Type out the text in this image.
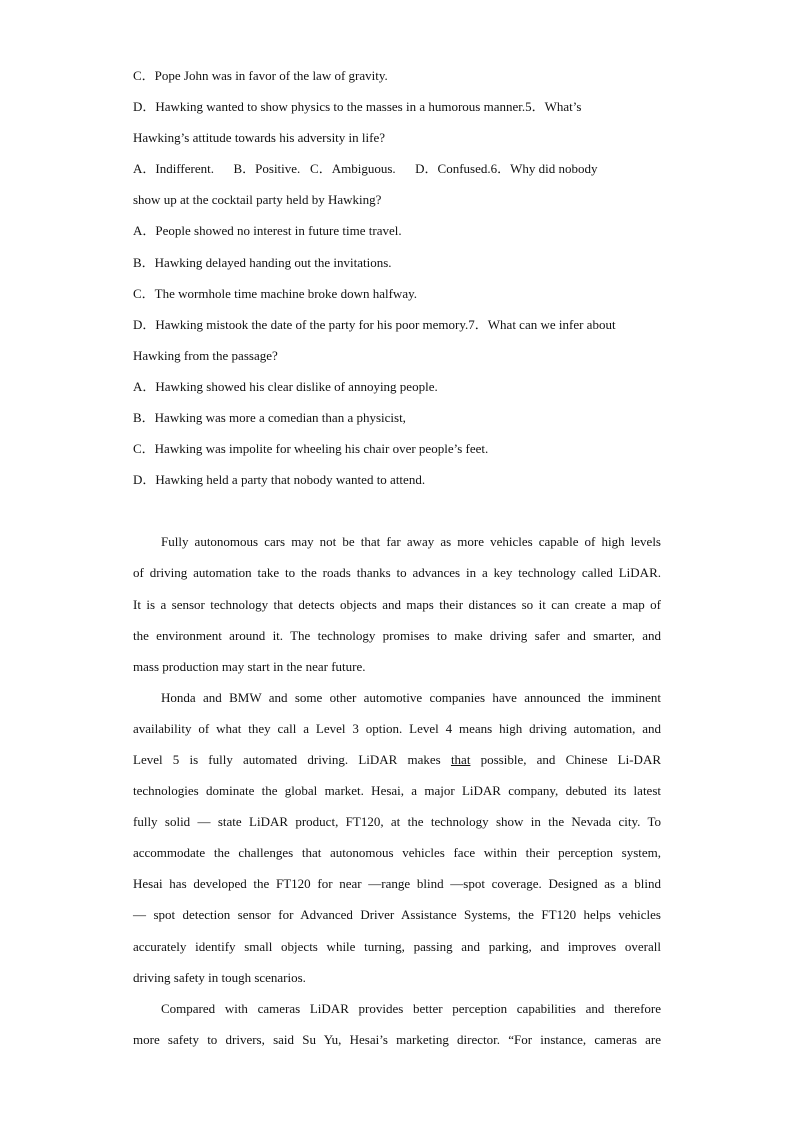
C．Pope John was in favor of the law of gravity.
D．Hawking wanted to show physics to the masses in a humorous manner.5．What’s
Hawking’s attitude towards his adversity in life?
A．Indifferent.      B．Positive.   C．Ambiguous.      D．Confused.6．Why did nobody
show up at the cocktail party held by Hawking?
A．People showed no interest in future time travel.
B．Hawking delayed handing out the invitations.
C．The wormhole time machine broke down halfway.
D．Hawking mistook the date of the party for his poor memory.7．What can we infer about
Hawking from the passage?
A．Hawking showed his clear dislike of annoying people.
B．Hawking was more a comedian than a physicist,
C．Hawking was impolite for wheeling his chair over people’s feet.
D．Hawking held a party that nobody wanted to attend.
Fully autonomous cars may not be that far away as more vehicles capable of high levels
of driving automation take to the roads thanks to advances in a key technology called LiDAR.
It is a sensor technology that detects objects and maps their distances so it can create a map of
the environment around it. The technology promises to make driving safer and smarter, and
mass production may start in the near future.
Honda and BMW and some other automotive companies have announced the imminent
availability of what they call a Level 3 option. Level 4 means high driving automation, and
Level 5 is fully automated driving. LiDAR makes that possible, and Chinese Li-DAR
technologies dominate the global market. Hesai, a major LiDAR company, debuted its latest
fully solid — state LiDAR product, FT120, at the technology show in the Nevada city. To
accommodate the challenges that autonomous vehicles face within their perception system,
Hesai has developed the FT120 for near —range blind —spot coverage. Designed as a blind
— spot detection sensor for Advanced Driver Assistance Systems, the FT120 helps vehicles
accurately identify small objects while turning, passing and parking, and improves overall
driving safety in tough scenarios.
Compared with cameras LiDAR provides better perception capabilities and therefore
more safety to drivers, said Su Yu, Hesai’s marketing director. “For instance, cameras are
